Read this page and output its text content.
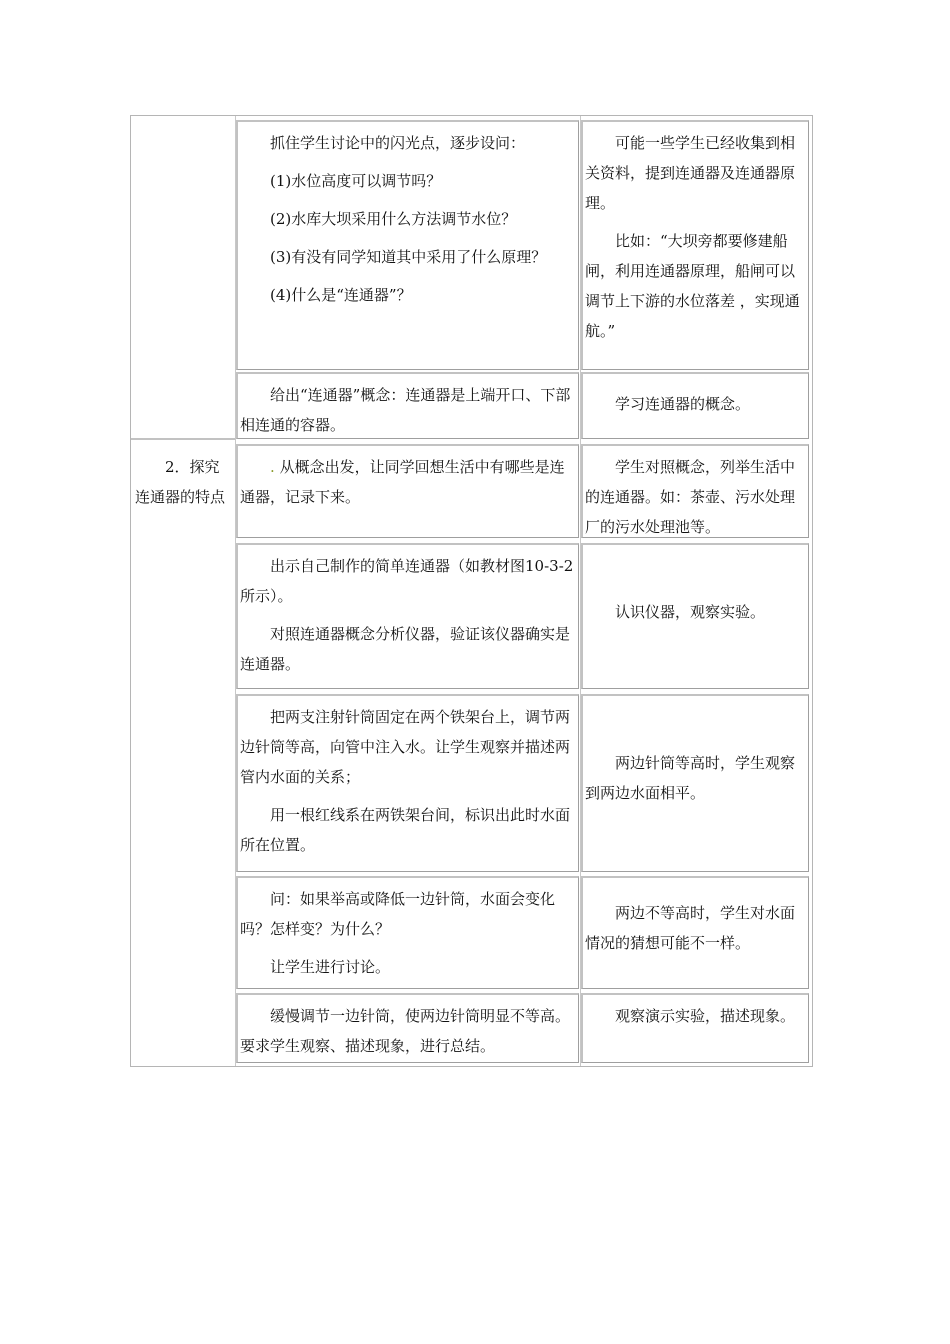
2．探究连通器的特点

抓住学生讨论中的闪光点，逐步设问：

(1)水位高度可以调节吗？

(2)水库大坝采用什么方法调节水位？

(3)有没有同学知道其中采用了什么原理？

(4)什么是“连通器”？

可能一些学生已经收集到相关资料，提到连通器及连通器原理。

比如：“大坝旁都要修建船闸，利用连通器原理，船闸可以调节上下游的水位落差 ，实现通航。”

给出“连通器”概念：连通器是上端开口、下部相连通的容器。

学习连通器的概念。

. 从概念出发，让同学回想生活中有哪些是连通器，记录下来。

学生对照概念，列举生活中的连通器。如：茶壶、污水处理厂的污水处理池等。

出示自己制作的简单连通器（如教材图10-3-2 所示）。

对照连通器概念分析仪器，验证该仪器确实是连通器。

认识仪器，观察实验。

把两支注射针筒固定在两个铁架台上，调节两边针筒等高，向管中注入水。让学生观察并描述两管内水面的关系；

用一根红线系在两铁架台间，标识出此时水面所在位置。

两边针筒等高时，学生观察到两边水面相平。

问：如果举高或降低一边针筒，水面会变化吗？怎样变？为什么？

让学生进行讨论。

两边不等高时，学生对水面情况的猜想可能不一样。

缓慢调节一边针筒，使两边针筒明显不等高。要求学生观察、描述现象，进行总结。

观察演示实验，描述现象。
